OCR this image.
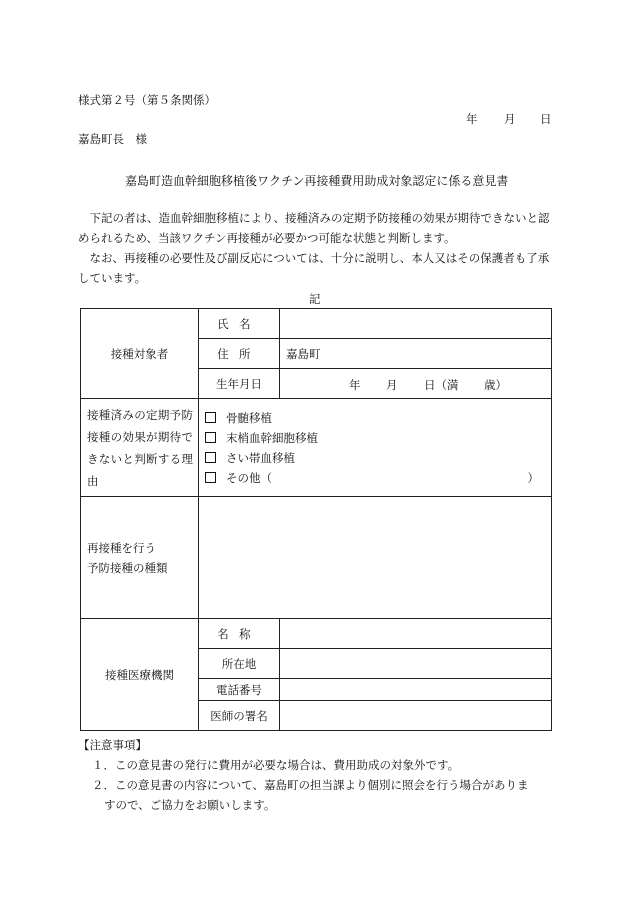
様式第２号（第５条関係）
年 月 日
嘉島町長　様
嘉島町造血幹細胞移植後ワクチン再接種費用助成対象認定に係る意見書
下記の者は、造血幹細胞移植により、接種済みの定期予防接種の効果が期待できないと認められるため、当該ワクチン再接種が必要かつ可能な状態と判断します。
なお、再接種の必要性及び副反応については、十分に説明し、本人又はその保護者も了承しています。
記
接種対象者	氏名	
	住所	嘉島町
	生年月日	年 月 日（満 歳）

接種済みの定期予防接種の効果が期待できないと判断する理由	骨髄移植
末梢血幹細胞移植
さい帯血移植
その他（ ）	

再接種を行う
予防接種の種類		

接種医療機関	名称	
	所在地	
	電話番号	
	医師の署名	
【注意事項】
１．この意見書の発行に費用が必要な場合は、費用助成の対象外です。
２．この意見書の内容について、嘉島町の担当課より個別に照会を行う場合がありま
すので、ご協力をお願いします。
